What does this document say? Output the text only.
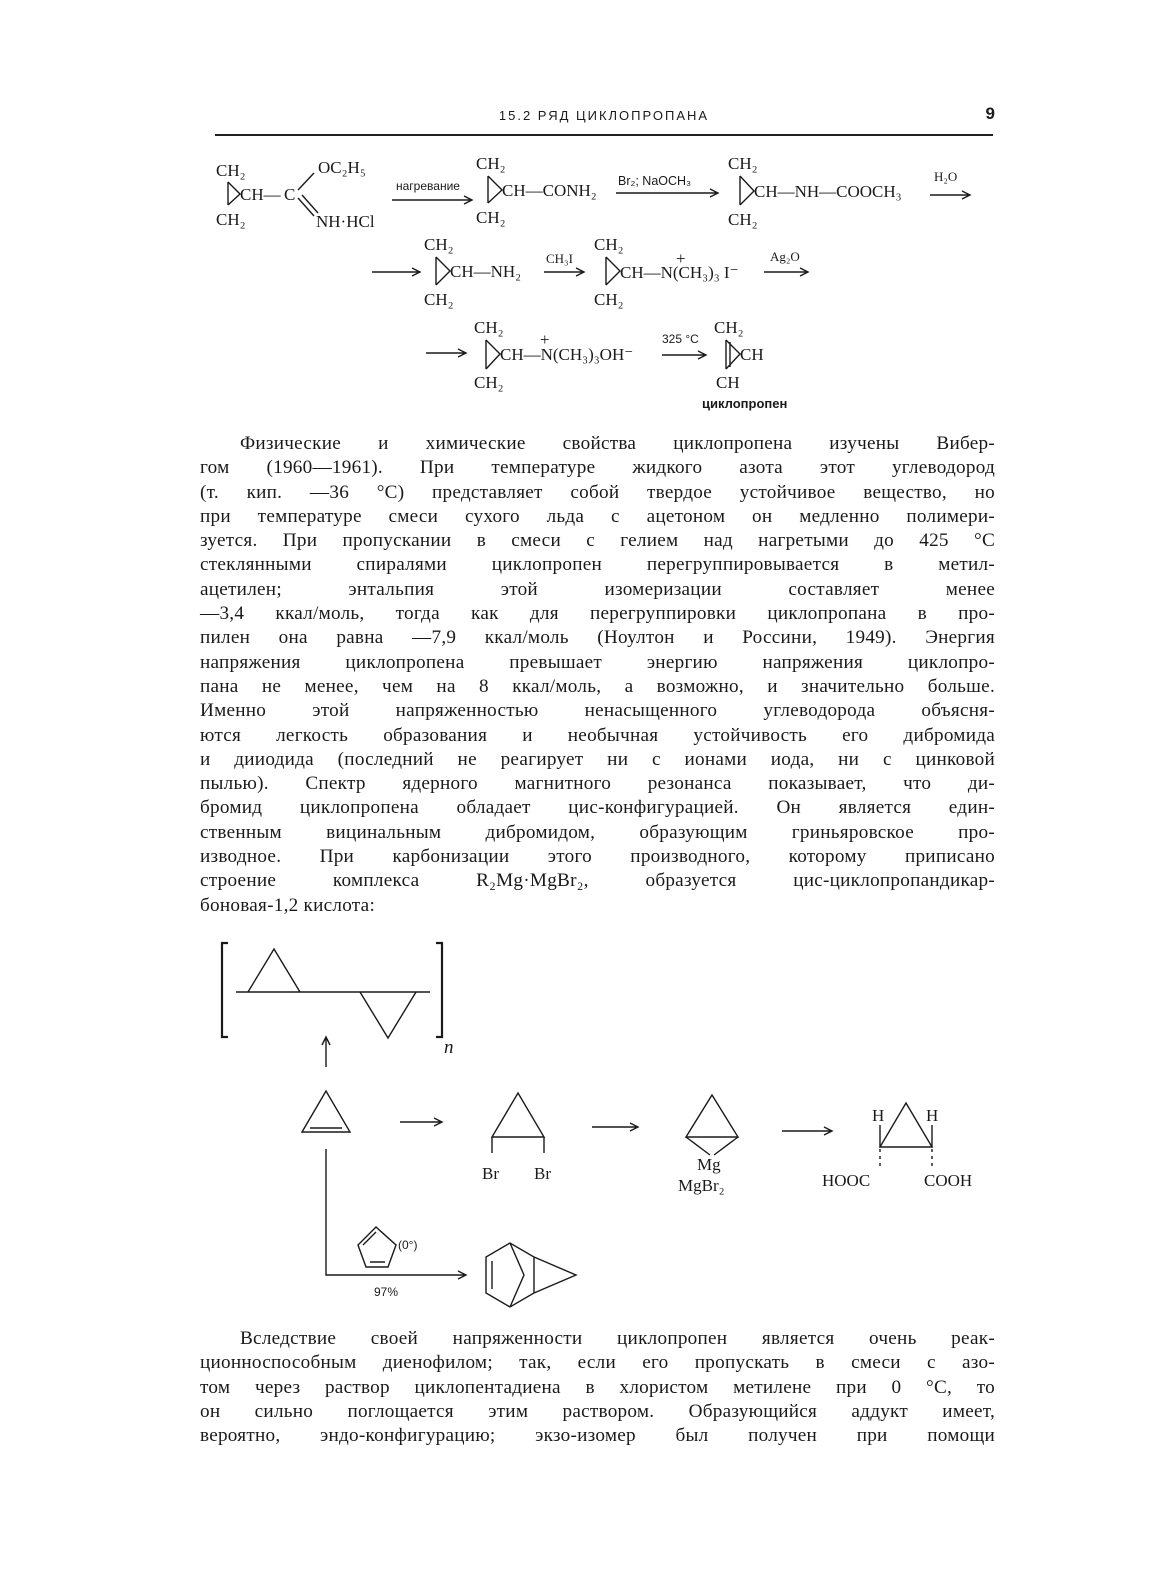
15.2 РЯД ЦИКЛОПРОПАНА	9
CH₂
CH—
CH₂
C
OC₂H₅
NH·HCl
нагревание
CH₂
CH—CONH₂
CH₂
Br₂; NaOCH₃
CH₂
CH—NH—COOCH₃
CH₂
H₂O
CH₂
CH—NH₂
CH₂
CH₃I
CH₂
+
CH—N(CH₃)₃ I⁻
CH₂
Ag₂O
CH₂
+
CH—N(CH₃)₃OH⁻
CH₂
325 °C
CH₂
CH
CH
циклопропен
Физические и химические свойства циклопропена изучены Вибер-
гом (1960—1961). При температуре жидкого азота этот углеводород
(т. кип. —36 °С) представляет собой твердое устойчивое вещество, но
при температуре смеси сухого льда с ацетоном он медленно полимери-
зуется. При пропускании в смеси с гелием над нагретыми до 425 °С
стеклянными спиралями циклопропен перегруппировывается в метил-
ацетилен; энтальпия этой изомеризации составляет менее
—3,4 ккал/моль, тогда как для перегруппировки циклопропана в про-
пилен она равна —7,9 ккал/моль (Ноултон и Россини, 1949). Энергия
напряжения циклопропена превышает энергию напряжения циклопро-
пана не менее, чем на 8 ккал/моль, а возможно, и значительно больше.
Именно этой напряженностью ненасыщенного углеводорода объясня-
ются легкость образования и необычная устойчивость его дибромида
и дииодида (последний не реагирует ни с ионами иода, ни с цинковой
пылью). Спектр ядерного магнитного резонанса показывает, что ди-
бромид циклопропена обладает цис-конфигурацией. Он является един-
ственным вицинальным дибромидом, образующим гриньяровское про-
изводное. При карбонизации этого производного, которому приписано
строение комплекса R₂Mg·MgBr₂, образуется цис-циклопропандикар-
боновая-1,2 кислота:
n
Br Br	Mg
MgBr₂
H H
HOOC	COOH
(0°)
97%
Вследствие своей напряженности циклопропен является очень реак-
ционноспособным диенофилом; так, если его пропускать в смеси с азо-
том через раствор циклопентадиена в хлористом метилене при 0 °С, то
он сильно поглощается этим раствором. Образующийся аддукт имеет,
вероятно, эндо-конфигурацию; экзо-изомер был получен при помощи
